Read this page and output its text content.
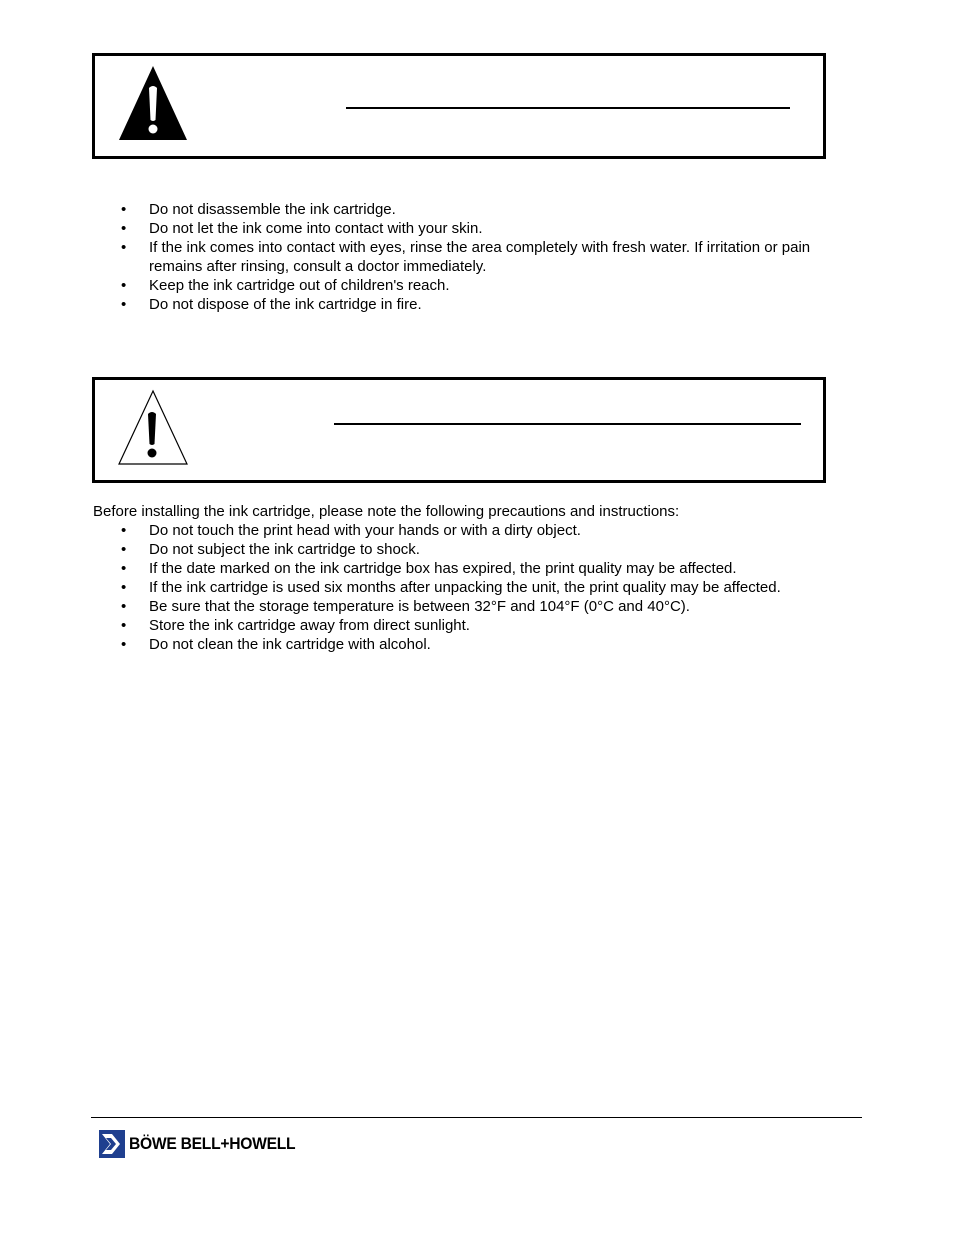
• Do not disassemble the ink cartridge.
• Do not let the ink come into contact with your skin.
• If the ink comes into contact with eyes, rinse the area completely with fresh water. If irritation or pain remains after rinsing, consult a doctor immediately.
• Keep the ink cartridge out of children's reach.
• Do not dispose of the ink cartridge in fire.

Before installing the ink cartridge, please note the following precautions and instructions:

• Do not touch the print head with your hands or with a dirty object.
• Do not subject the ink cartridge to shock.
• If the date marked on the ink cartridge box has expired, the print quality may be affected.
• If the ink cartridge is used six months after unpacking the unit, the print quality may be affected.
• Be sure that the storage temperature is between 32°F and 104°F (0°C and 40°C).
• Store the ink cartridge away from direct sunlight.
• Do not clean the ink cartridge with alcohol.
BÖWE BELL+HOWELL
